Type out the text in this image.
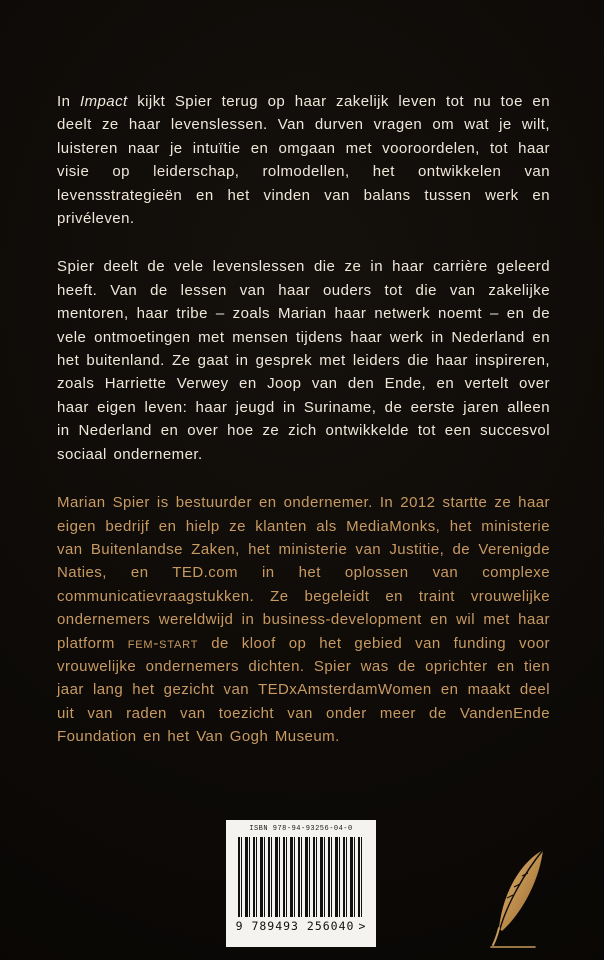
In Impact kijkt Spier terug op haar zakelijk leven tot nu toe en deelt ze haar levenslessen. Van durven vragen om wat je wilt, luisteren naar je intuïtie en omgaan met vooroordelen, tot haar visie op leiderschap, rolmodellen, het ontwikkelen van levensstrategieën en het vinden van balans tussen werk en privéleven.

Spier deelt de vele levenslessen die ze in haar carrière geleerd heeft. Van de lessen van haar ouders tot die van zakelijke mentoren, haar tribe – zoals Marian haar netwerk noemt – en de vele ontmoetingen met mensen tijdens haar werk in Nederland en het buitenland. Ze gaat in gesprek met leiders die haar inspireren, zoals Harriette Verwey en Joop van den Ende, en vertelt over haar eigen leven: haar jeugd in Suriname, de eerste jaren alleen in Nederland en over hoe ze zich ontwikkelde tot een succesvol sociaal ondernemer.

Marian Spier is bestuurder en ondernemer. In 2012 startte ze haar eigen bedrijf en hielp ze klanten als MediaMonks, het ministerie van Buitenlandse Zaken, het ministerie van Justitie, de Verenigde Naties, en TED.com in het oplossen van complexe communicatievraagstukken. Ze begeleidt en traint vrouwelijke ondernemers wereldwijd in business-development en wil met haar platform fem-start de kloof op het gebied van funding voor vrouwelijke ondernemers dichten. Spier was de oprichter en tien jaar lang het gezicht van TEDxAmsterdamWomen en maakt deel uit van raden van toezicht van onder meer de VandenEnde Foundation en het Van Gogh Museum.

ISBN 978-94-93256-04-0
9 789493 256040 >
